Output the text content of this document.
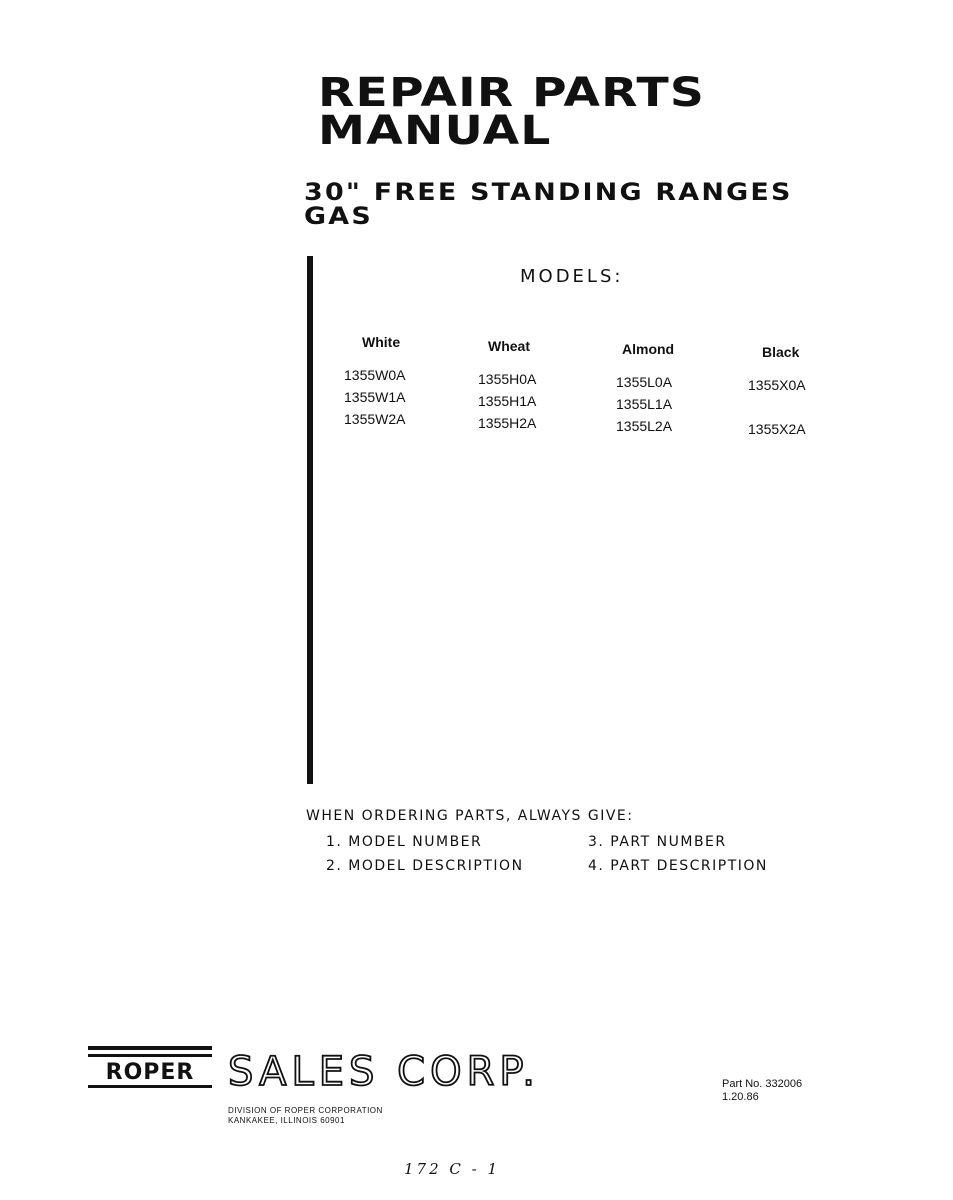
REPAIR PARTS
MANUAL
30" FREE STANDING RANGES
GAS
MODELS:
White
1355W0A
1355W1A
1355W2A
Wheat
1355H0A
1355H1A
1355H2A
Almond
1355L0A
1355L1A
1355L2A
Black
1355X0A
1355X2A
WHEN ORDERING PARTS, ALWAYS GIVE:
1. MODEL NUMBER
2. MODEL DESCRIPTION
3. PART NUMBER
4. PART DESCRIPTION
ROPER SALES CORP.
DIVISION OF ROPER CORPORATION
KANKAKEE, ILLINOIS 60901
Part No. 332006
1.20.86
172 C - 1
